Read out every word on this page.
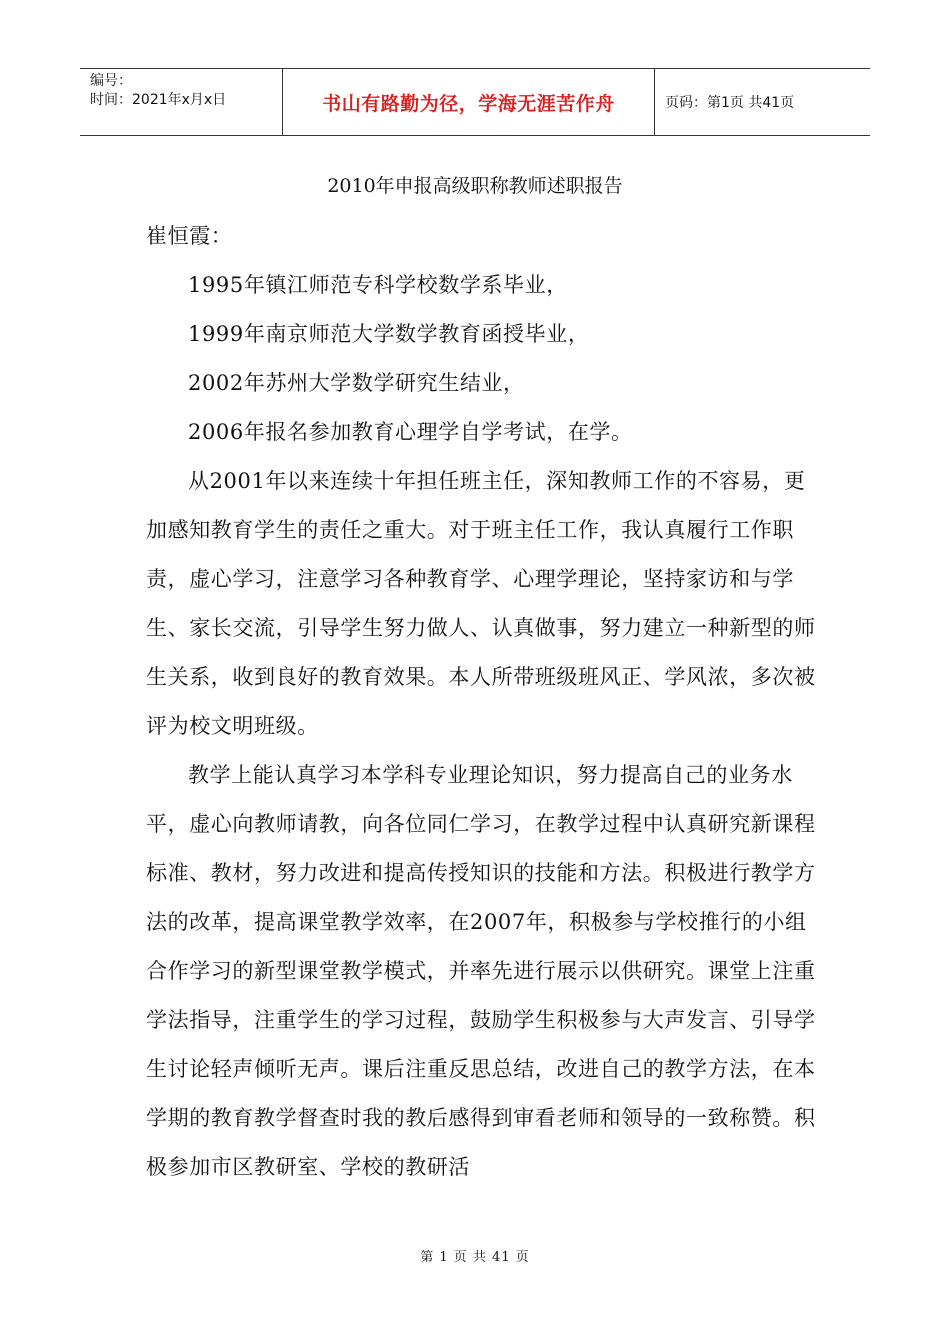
编号：
时间：2021年x月x日	书山有路勤为径，学海无涯苦作舟	页码：第1页 共41页
2010年申报高级职称教师述职报告

崔恒霞：

1995年镇江师范专科学校数学系毕业，

1999年南京师范大学数学教育函授毕业，

2002年苏州大学数学研究生结业，

2006年报名参加教育心理学自学考试，在学。

从2001年以来连续十年担任班主任，深知教师工作的不容易，更加感知教育学生的责任之重大。对于班主任工作，我认真履行工作职责，虚心学习，注意学习各种教育学、心理学理论，坚持家访和与学生、家长交流，引导学生努力做人、认真做事，努力建立一种新型的师生关系，收到良好的教育效果。本人所带班级班风正、学风浓，多次被评为校文明班级。

教学上能认真学习本学科专业理论知识，努力提高自己的业务水平，虚心向教师请教，向各位同仁学习，在教学过程中认真研究新课程标准、教材，努力改进和提高传授知识的技能和方法。积极进行教学方法的改革，提高课堂教学效率，在2007年，积极参与学校推行的小组合作学习的新型课堂教学模式，并率先进行展示以供研究。课堂上注重学法指导，注重学生的学习过程，鼓励学生积极参与大声发言、引导学生讨论轻声倾听无声。课后注重反思总结，改进自己的教学方法，在本学期的教育教学督查时我的教后感得到审看老师和领导的一致称赞。积极参加市区教研室、学校的教研活

第 1 页 共 41 页
